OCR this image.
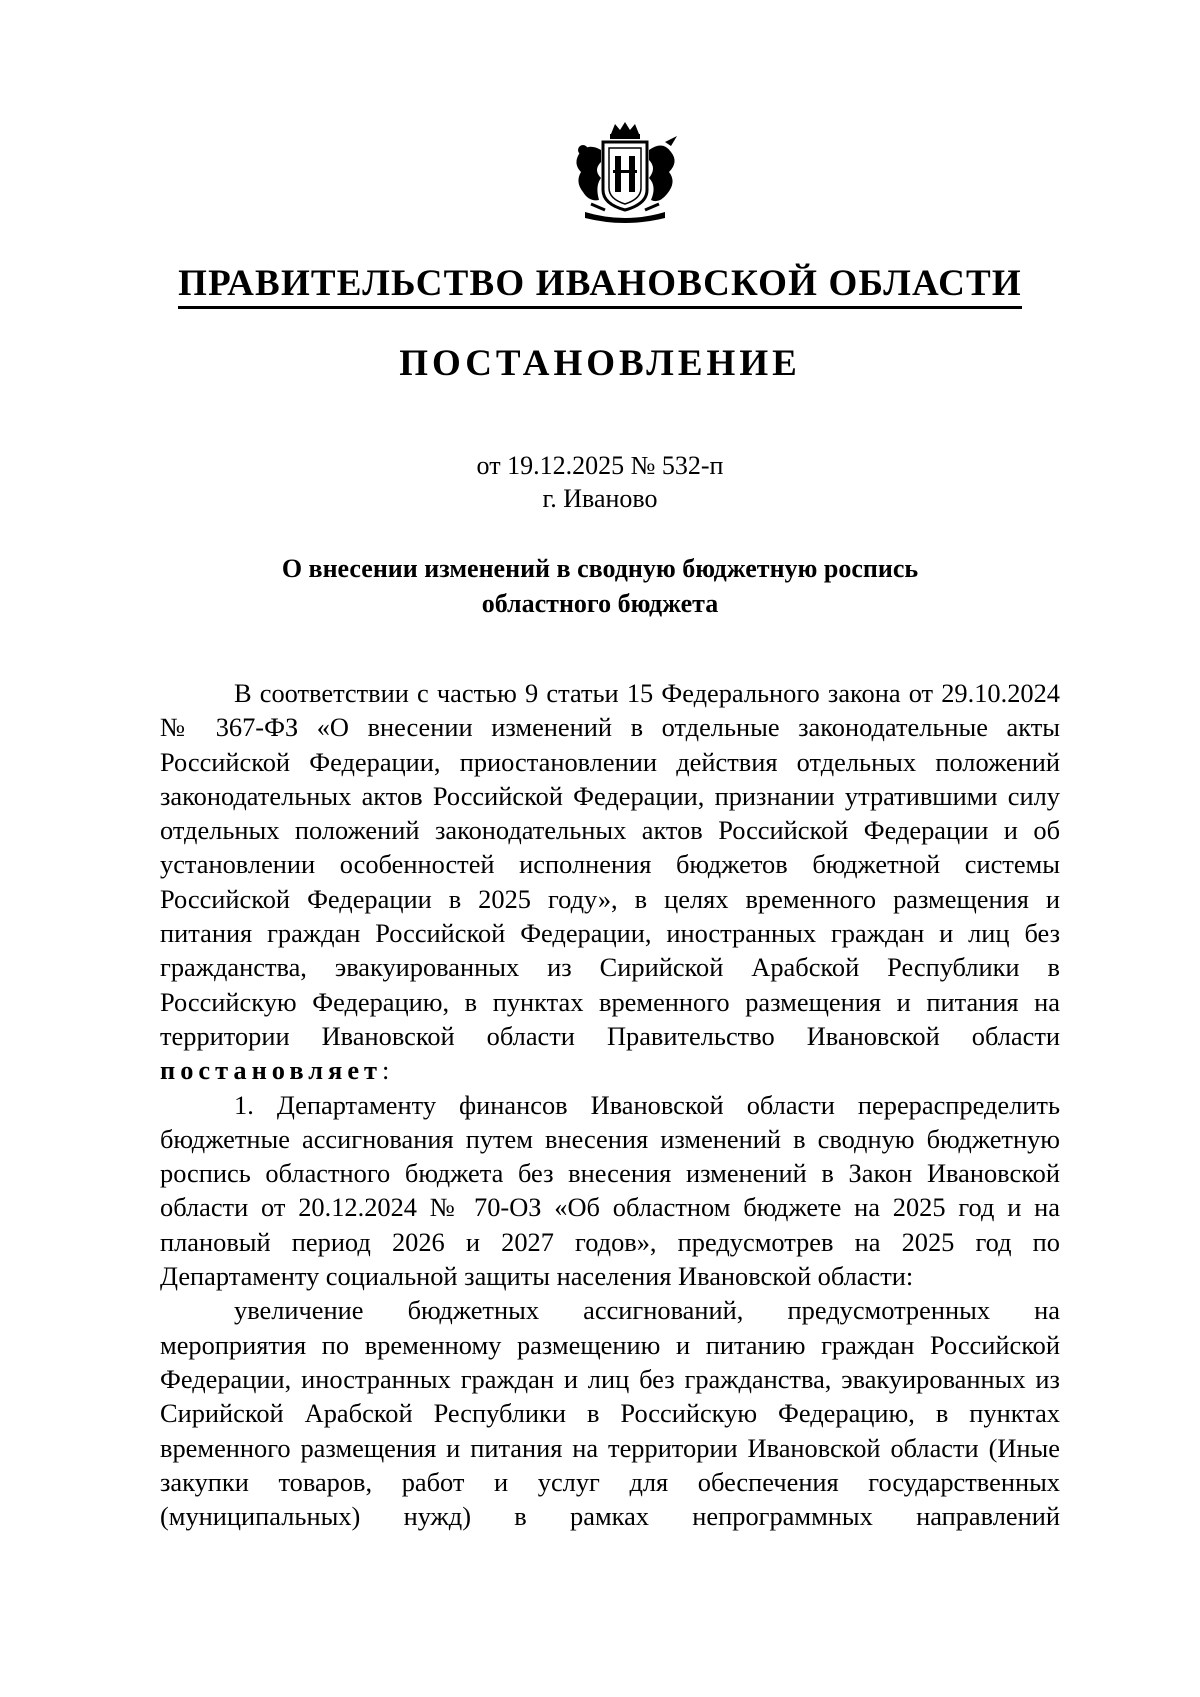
ПРАВИТЕЛЬСТВО ИВАНОВСКОЙ ОБЛАСТИ
ПОСТАНОВЛЕНИЕ
от 19.12.2025 № 532-п
г. Иваново
О внесении изменений в сводную бюджетную роспись
областного бюджета

В соответствии с частью 9 статьи 15 Федерального закона от 29.10.2024 № 367-ФЗ «О внесении изменений в отдельные законодательные акты Российской Федерации, приостановлении действия отдельных положений законодательных актов Российской Федерации, признании утратившими силу отдельных положений законодательных актов Российской Федерации и об установлении особенностей исполнения бюджетов бюджетной системы Российской Федерации в 2025 году», в целях временного размещения и питания граждан Российской Федерации, иностранных граждан и лиц без гражданства, эвакуированных из Сирийской Арабской Республики в Российскую Федерацию, в пунктах временного размещения и питания на территории Ивановской области Правительство Ивановской области

постановляет:

1. Департаменту финансов Ивановской области перераспределить бюджетные ассигнования путем внесения изменений в сводную бюджетную роспись областного бюджета без внесения изменений в Закон Ивановской области от 20.12.2024 № 70-ОЗ «Об областном бюджете на 2025 год и на плановый период 2026 и 2027 годов», предусмотрев на 2025 год по Департаменту социальной защиты населения Ивановской области:

увеличение бюджетных ассигнований, предусмотренных на мероприятия по временному размещению и питанию граждан Российской Федерации, иностранных граждан и лиц без гражданства, эвакуированных из Сирийской Арабской Республики в Российскую Федерацию, в пунктах временного размещения и питания на территории Ивановской области (Иные закупки товаров, работ и услуг для обеспечения государственных (муниципальных) нужд) в рамках непрограммных направлений
